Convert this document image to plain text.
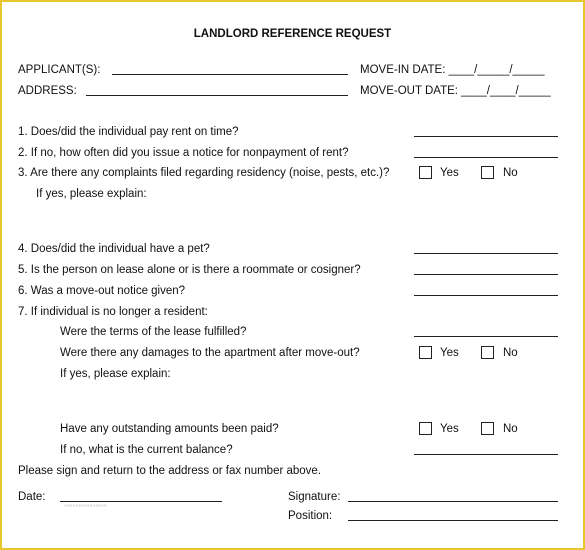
LANDLORD REFERENCE REQUEST
APPLICANT(S):	MOVE-IN DATE: ____/_____/_____
ADDRESS:	MOVE-OUT DATE: ____/____/_____
1. Does/did the individual pay rent on time?
2. If no, how often did you issue a notice for nonpayment of rent?
3. Are there any complaints filed regarding residency (noise, pests, etc.)?	Yes	No
If yes, please explain:
4. Does/did the individual have a pet?
5. Is the person on lease alone or is there a roommate or cosigner?
6. Was a move-out notice given?
7. If individual is no longer a resident:
Were the terms of the lease fulfilled?
Were there any damages to the apartment after move-out?	Yes	No
If yes, please explain:
Have any outstanding amounts been paid?	Yes	No
If no, what is the current balance?
Please sign and return to the address or fax number above.
Date:
▪▪▪▪▪▪▪▪▪▪▪▪▪▪▪
Signature:
Position:
